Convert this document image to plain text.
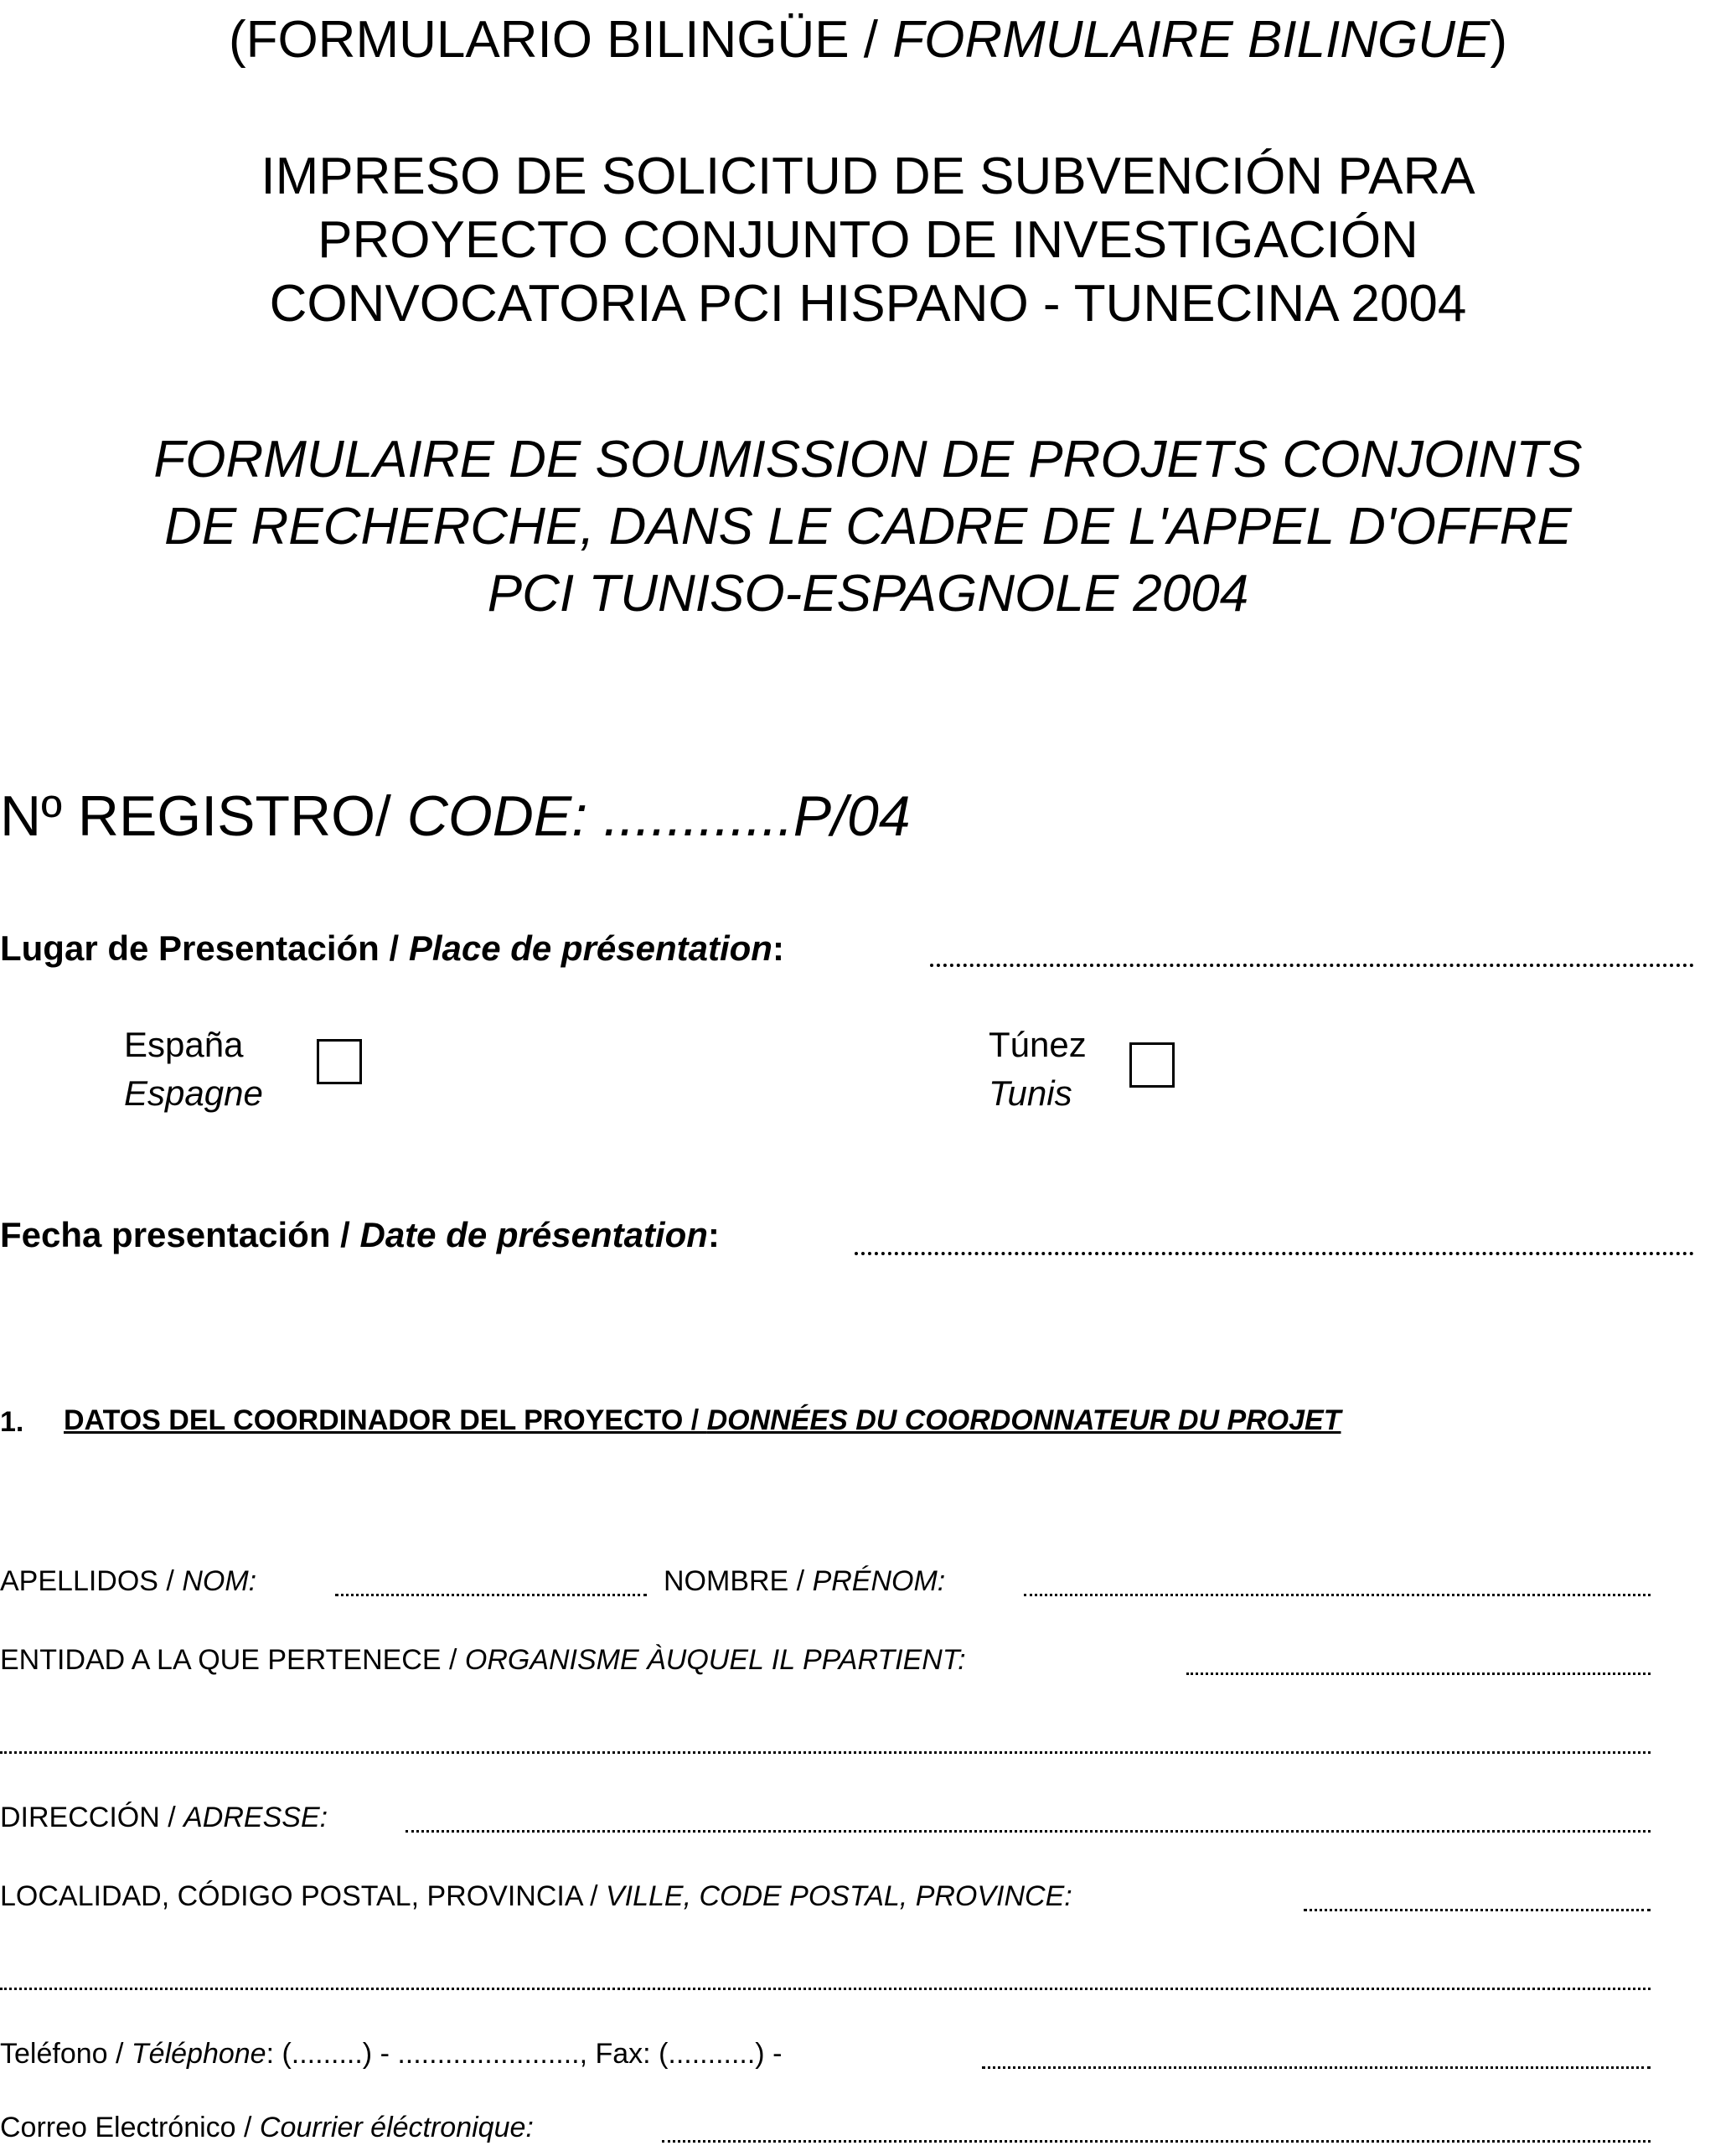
(FORMULARIO BILINGÜE / FORMULAIRE BILINGUE)
IMPRESO DE SOLICITUD DE SUBVENCIÓN PARA
PROYECTO CONJUNTO DE INVESTIGACIÓN
CONVOCATORIA PCI HISPANO - TUNECINA 2004
FORMULAIRE DE SOUMISSION DE PROJETS CONJOINTS
DE RECHERCHE, DANS LE CADRE DE L'APPEL D'OFFRE
PCI TUNISO-ESPAGNOLE 2004
Nº REGISTRO/ CODE: ............P/04
Lugar de Presentación / Place de présentation:
España
Espagne
Túnez
Tunis
Fecha presentación / Date de présentation:
1. DATOS DEL COORDINADOR DEL PROYECTO / DONNÉES DU COORDONNATEUR DU PROJET
APELLIDOS / NOM:	NOMBRE / PRÉNOM:
ENTIDAD A LA QUE PERTENECE / ORGANISME ÀUQUEL IL PPARTIENT:
DIRECCIÓN / ADRESSE:
LOCALIDAD, CÓDIGO POSTAL, PROVINCIA / VILLE, CODE POSTAL, PROVINCE:
Teléfono / Téléphone: (.........) - ......................., Fax: (...........) -
Correo Electrónico / Courrier éléctronique:
